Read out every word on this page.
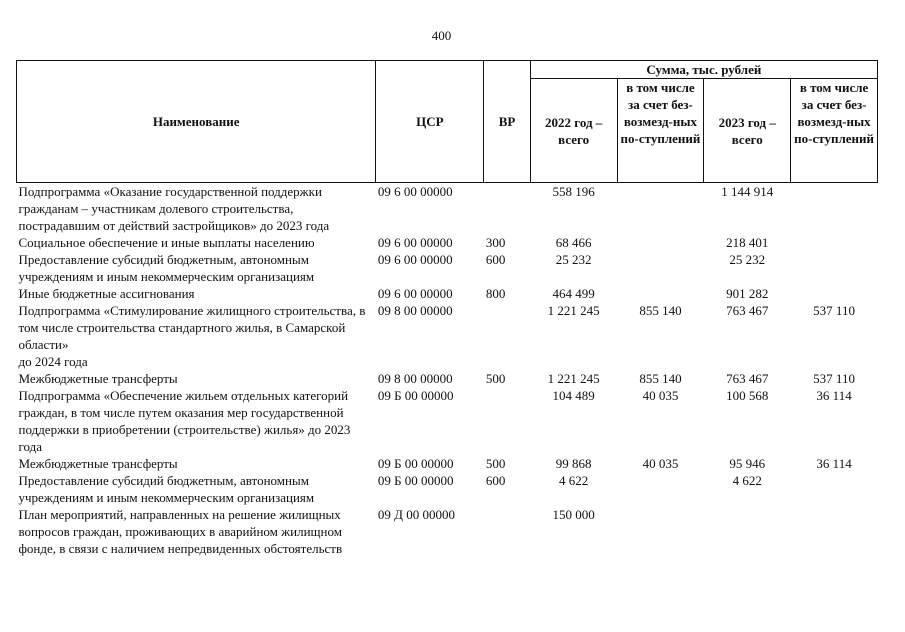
400
Наименование	ЦСР	ВР	Сумма, тыс. рублей			
			2022 год – всего	в том числе за счет без-возмезд-ных по-ступлений	2023 год – всего	в том числе за счет без-возмезд-ных по-ступлений
Подпрограмма «Оказание государственной поддержки гражданам – участникам долевого строительства, пострадавшим от действий застройщиков» до 2023 года	09 6 00 00000		558 196		1 144 914	
Социальное обеспечение и иные выплаты населению	09 6 00 00000	300	68 466		218 401	
Предоставление субсидий бюджетным, автономным учреждениям и иным некоммерческим организациям	09 6 00 00000	600	25 232		25 232	
Иные бюджетные ассигнования	09 6 00 00000	800	464 499		901 282	
Подпрограмма «Стимулирование жилищного строительства, в том числе строительства стандартного жилья, в Самарской области»
до 2024 года	09 8 00 00000		1 221 245	855 140	763 467	537 110
Межбюджетные трансферты	09 8 00 00000	500	1 221 245	855 140	763 467	537 110
Подпрограмма «Обеспечение жильем отдельных категорий граждан, в том числе путем оказания мер государственной поддержки в приобретении (строительстве) жилья» до 2023 года	09 Б 00 00000		104 489	40 035	100 568	36 114
Межбюджетные трансферты	09 Б 00 00000	500	99 868	40 035	95 946	36 114
Предоставление субсидий бюджетным, автономным учреждениям и иным некоммерческим организациям	09 Б 00 00000	600	4 622		4 622	
План мероприятий, направленных на решение жилищных вопросов граждан, проживающих в аварийном жилищном фонде, в связи с наличием непредвиденных обстоятельств	09 Д 00 00000		150 000			
